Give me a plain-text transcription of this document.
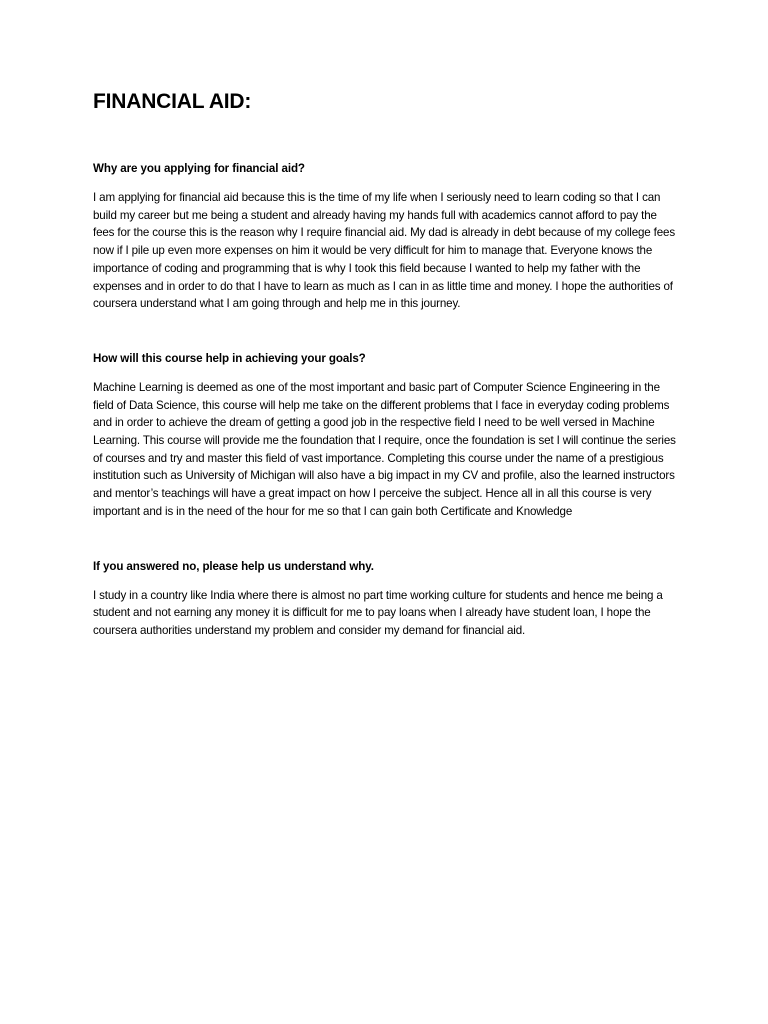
FINANCIAL AID:

Why are you applying for financial aid?

I am applying for financial aid because this is the time of my life when I seriously need to learn coding so that I can build my career but me being a student and already having my hands full with academics cannot afford to pay the fees for the course this is the reason why I require financial aid. My dad is already in debt because of my college fees now if I pile up even more expenses on him it would be very difficult for him to manage that. Everyone knows the importance of coding and programming that is why I took this field because I wanted to help my father with the expenses and in order to do that I have to learn as much as I can in as little time and money. I hope the authorities of coursera understand what I am going through and help me in this journey.

How will this course help in achieving your goals?

Machine Learning is deemed as one of the most important and basic part of Computer Science Engineering in the field of Data Science, this course will help me take on the different problems that I face in everyday coding problems and in order to achieve the dream of getting a good job in the respective field I need to be well versed in Machine Learning. This course will provide me the foundation that I require, once the foundation is set I will continue the series of courses and try and master this field of vast importance. Completing this course under the name of a prestigious institution such as University of Michigan will also have a big impact in my CV and profile, also the learned instructors and mentor’s teachings will have a great impact on how I perceive the subject. Hence all in all this course is very important and is in the need of the hour for me so that I can gain both Certificate and Knowledge

If you answered no, please help us understand why.

I study in a country like India where there is almost no part time working culture for students and hence me being a student and not earning any money it is difficult for me to pay loans when I already have student loan, I hope the coursera authorities understand my problem and consider my demand for financial aid.
